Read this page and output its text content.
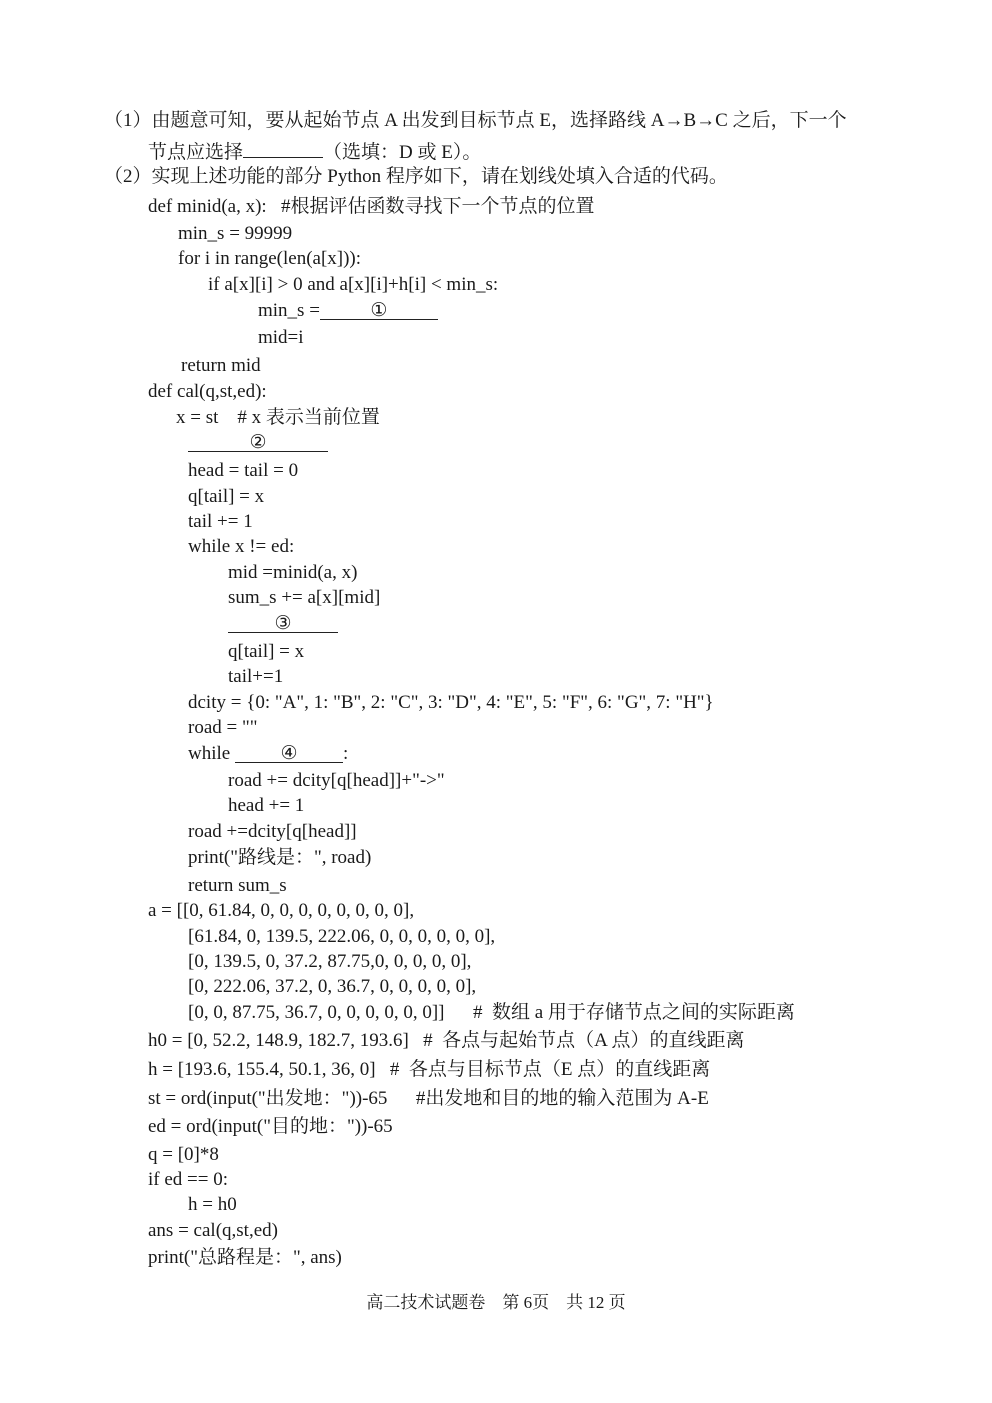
（1）由题意可知，要从起始节点 A 出发到目标节点 E，选择路线 A→B→C 之后，下一个
节点应选择	（选填：D 或 E）。
（2）实现上述功能的部分 Python 程序如下，请在划线处填入合适的代码。
def minid(a, x):   #根据评估函数寻找下一个节点的位置
min_s = 99999
for i in range(len(a[x])):
if a[x][i] > 0 and a[x][i]+h[i] < min_s:
min_s =	①
mid=i
return mid
def cal(q,st,ed):
x = st    # x 表示当前位置
②
head = tail = 0
q[tail] = x
tail += 1
while x != ed:
mid =minid(a, x)
sum_s += a[x][mid]
③
q[tail] = x
tail+=1
dcity = {0: "A", 1: "B", 2: "C", 3: "D", 4: "E", 5: "F", 6: "G", 7: "H"}
road = ""
while	④ :
road += dcity[q[head]]+"->"
head += 1
road +=dcity[q[head]]
print("路线是：", road)
return sum_s
a = [[0, 61.84, 0, 0, 0, 0, 0, 0, 0, 0],
[61.84, 0, 139.5, 222.06, 0, 0, 0, 0, 0, 0],
[0, 139.5, 0, 37.2, 87.75,0, 0, 0, 0, 0],
[0, 222.06, 37.2, 0, 36.7, 0, 0, 0, 0, 0],
[0, 0, 87.75, 36.7, 0, 0, 0, 0, 0, 0]]      #  数组 a 用于存储节点之间的实际距离
h0 = [0, 52.2, 148.9, 182.7, 193.6]   #  各点与起始节点（A 点）的直线距离
h = [193.6, 155.4, 50.1, 36, 0]   #  各点与目标节点（E 点）的直线距离
st = ord(input("出发地："))-65      #出发地和目的地的输入范围为 A-E
ed = ord(input("目的地："))-65
q = [0]*8
if ed == 0:
h = h0
ans = cal(q,st,ed)
print("总路程是：", ans)
高二技术试题卷    第 6页    共 12 页
